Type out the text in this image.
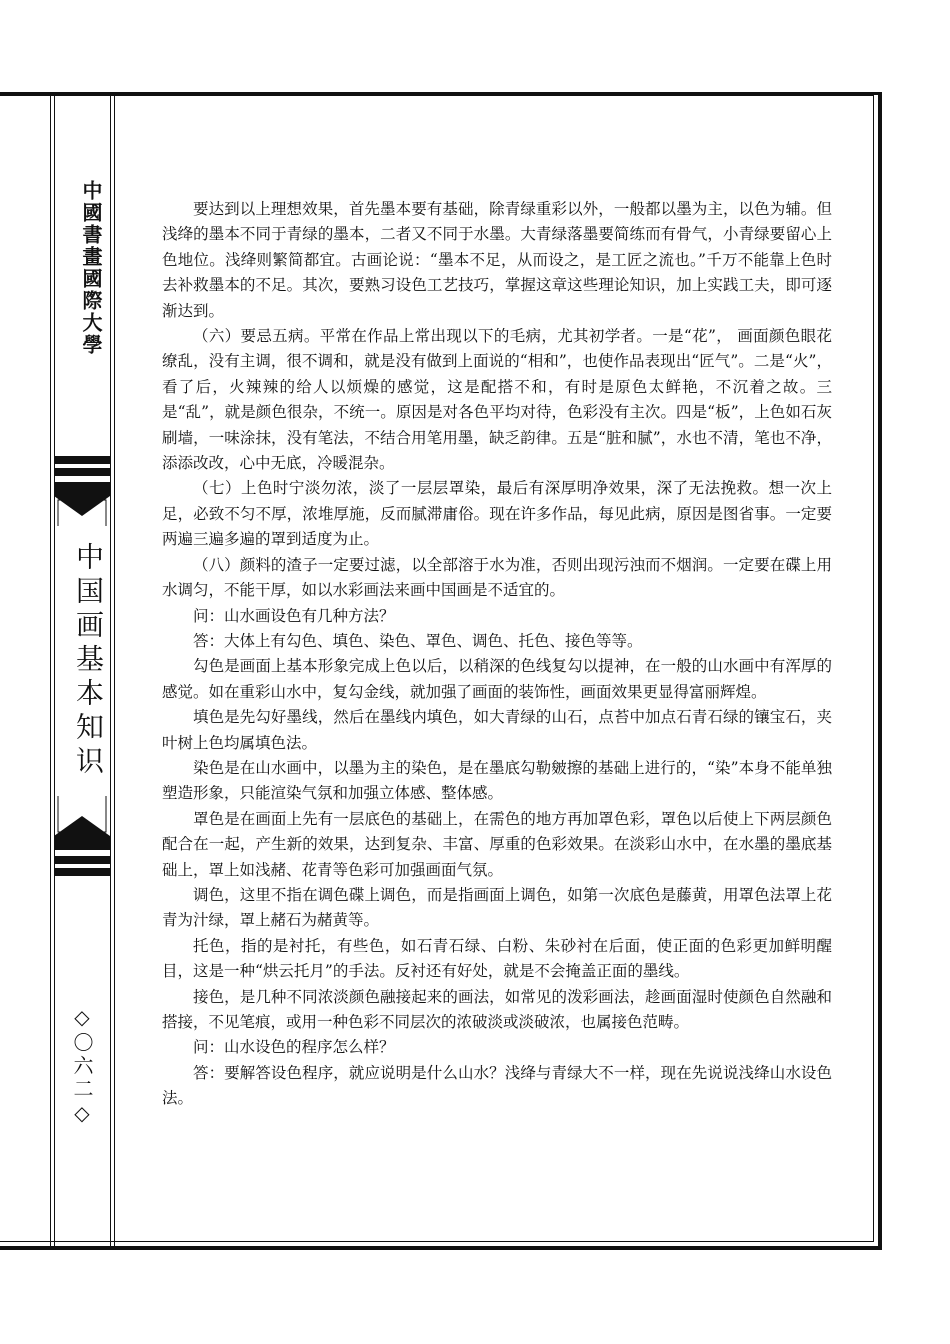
中國書畫國際大學
中国画基本知识
◇〇六二◇

要达到以上理想效果，首先墨本要有基础，除青绿重彩以外，一般都以墨为主，以色为辅。但浅绛的墨本不同于青绿的墨本，二者又不同于水墨。大青绿落墨要简练而有骨气，小青绿要留心上色地位。浅绛则繁简都宜。古画论说：“墨本不足，从而设之，是工匠之流也。”千万不能靠上色时去补救墨本的不足。其次，要熟习设色工艺技巧，掌握这章这些理论知识，加上实践工夫，即可逐渐达到。

（六）要忌五病。平常在作品上常出现以下的毛病，尤其初学者。一是“花”， 画面颜色眼花缭乱，没有主调，很不调和，就是没有做到上面说的“相和”，也使作品表现出“匠气”。二是“火”，看了后，火辣辣的给人以烦燥的感觉，这是配搭不和，有时是原色太鲜艳，不沉着之故。三是“乱”，就是颜色很杂，不统一。原因是对各色平均对待，色彩没有主次。四是“板”，上色如石灰刷墙，一味涂抹，没有笔法，不结合用笔用墨，缺乏韵律。五是“脏和腻”，水也不清，笔也不净，添添改改，心中无底，冷暖混杂。

（七）上色时宁淡勿浓，淡了一层层罩染，最后有深厚明净效果，深了无法挽救。想一次上足，必致不匀不厚，浓堆厚施，反而腻滞庸俗。现在许多作品，每见此病，原因是图省事。一定要两遍三遍多遍的罩到适度为止。

（八）颜料的渣子一定要过滤，以全部溶于水为准，否则出现污浊而不烟润。一定要在碟上用水调匀，不能干厚，如以水彩画法来画中国画是不适宜的。

问：山水画设色有几种方法？

答：大体上有勾色、填色、染色、罩色、调色、托色、接色等等。

勾色是画面上基本形象完成上色以后，以稍深的色线复勾以提神，在一般的山水画中有浑厚的感觉。如在重彩山水中，复勾金线，就加强了画面的装饰性，画面效果更显得富丽辉煌。

填色是先勾好墨线，然后在墨线内填色，如大青绿的山石，点苔中加点石青石绿的镶宝石，夹叶树上色均属填色法。

染色是在山水画中，以墨为主的染色，是在墨底勾勒皴擦的基础上进行的，“染”本身不能单独塑造形象，只能渲染气氛和加强立体感、整体感。

罩色是在画面上先有一层底色的基础上，在需色的地方再加罩色彩，罩色以后使上下两层颜色配合在一起，产生新的效果，达到复杂、丰富、厚重的色彩效果。在淡彩山水中，在水墨的墨底基础上，罩上如浅赭、花青等色彩可加强画面气氛。

调色，这里不指在调色碟上调色，而是指画面上调色，如第一次底色是藤黄，用罩色法罩上花青为汁绿，罩上赭石为赭黄等。

托色，指的是衬托，有些色，如石青石绿、白粉、朱砂衬在后面，使正面的色彩更加鲜明醒目，这是一种“烘云托月”的手法。反衬还有好处，就是不会掩盖正面的墨线。

接色，是几种不同浓淡颜色融接起来的画法，如常见的泼彩画法，趁画面湿时使颜色自然融和搭接，不见笔痕，或用一种色彩不同层次的浓破淡或淡破浓，也属接色范畴。

问：山水设色的程序怎么样？

答：要解答设色程序，就应说明是什么山水？浅绛与青绿大不一样，现在先说说浅绛山水设色法。
